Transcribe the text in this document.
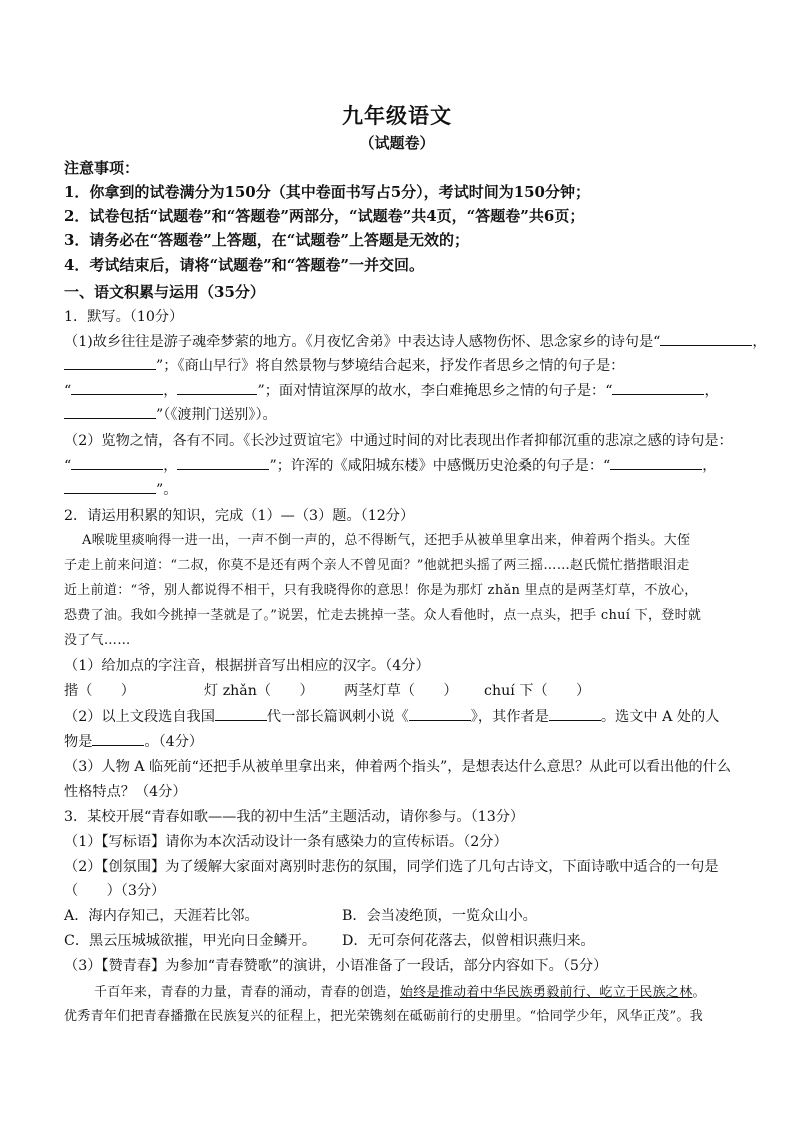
九年级语文
（试题卷）
注意事项：
1．你拿到的试卷满分为150分（其中卷面书写占5分），考试时间为150分钟；
2．试卷包括“试题卷”和“答题卷”两部分，“试题卷”共4页，“答题卷”共6页；
3．请务必在“答题卷”上答题，在“试题卷”上答题是无效的；
4．考试结束后，请将“试题卷”和“答题卷”一并交回。
一、语文积累与运用（35分）
1．默写。（10分）
（1)故乡往往是游子魂牵梦萦的地方。《月夜忆舍弟》中表达诗人感物伤怀、思念家乡的诗句是“	，
”；《商山早行》将自然景物与梦境结合起来，抒发作者思乡之情的句子是：
“	，	”；面对情谊深厚的故水，李白难掩思乡之情的句子是：“	，
”（《渡荆门送别》）。
（2）览物之情，各有不同。《长沙过贾谊宅》中通过时间的对比表现出作者抑郁沉重的悲凉之感的诗句是：
“	，	”；许浑的《咸阳城东楼》中感慨历史沧桑的句子是：“	，
”。
2．请运用积累的知识，完成（1）—（3）题。（12分）
A喉咙里痰响得一进一出，一声不倒一声的，总不得断气，还把手从被单里拿出来，伸着两个指头。大侄
子走上前来问道：“二叔，你莫不是还有两个亲人不曾见面？”他就把头摇了两三摇……赵氏慌忙揩揩眼泪走
近上前道：“爷，别人都说得不相干，只有我晓得你的意思！你是为那灯 zhǎn 里点的是两茎灯草，不放心，
恐费了油。我如今挑掉一茎就是了。”说罢，忙走去挑掉一茎。众人看他时，点一点头，把手 chuí 下，登时就
没了气……
（1）给加点的字注音，根据拼音写出相应的汉字。（4分）
揩（　　）	灯 zhǎn（　　） 两茎灯草（　　） chuí 下（　　）
（2）以上文段选自我国	代一部长篇讽刺小说《	》，其作者是	。选文中 A 处的人
物是	。（4分）
（3）人物 A 临死前“还把手从被单里拿出来，伸着两个指头”，是想表达什么意思？从此可以看出他的什么
性格特点？（4分）
3．某校开展“青春如歌——我的初中生活”主题活动，请你参与。（13分）
（1）【写标语】请你为本次活动设计一条有感染力的宣传标语。（2分）
（2）【创氛围】为了缓解大家面对离别时悲伤的氛围，同学们选了几句古诗文，下面诗歌中适合的一句是
（　　）（3分）
A．海内存知己，天涯若比邻。	B．会当凌绝顶，一览众山小。
C．黑云压城城欲摧，甲光向日金鳞开。 D．无可奈何花落去，似曾相识燕归来。
（3）【赞青春】为参加“青春赞歌”的演讲，小语准备了一段话，部分内容如下。（5分）
千百年来，青春的力量，青春的涌动，青春的创造，始终是推动着中华民族勇毅前行、屹立于民族之林。
优秀青年们把青春播撒在民族复兴的征程上，把光荣镌刻在砥砺前行的史册里。“恰同学少年，风华正茂”。我
